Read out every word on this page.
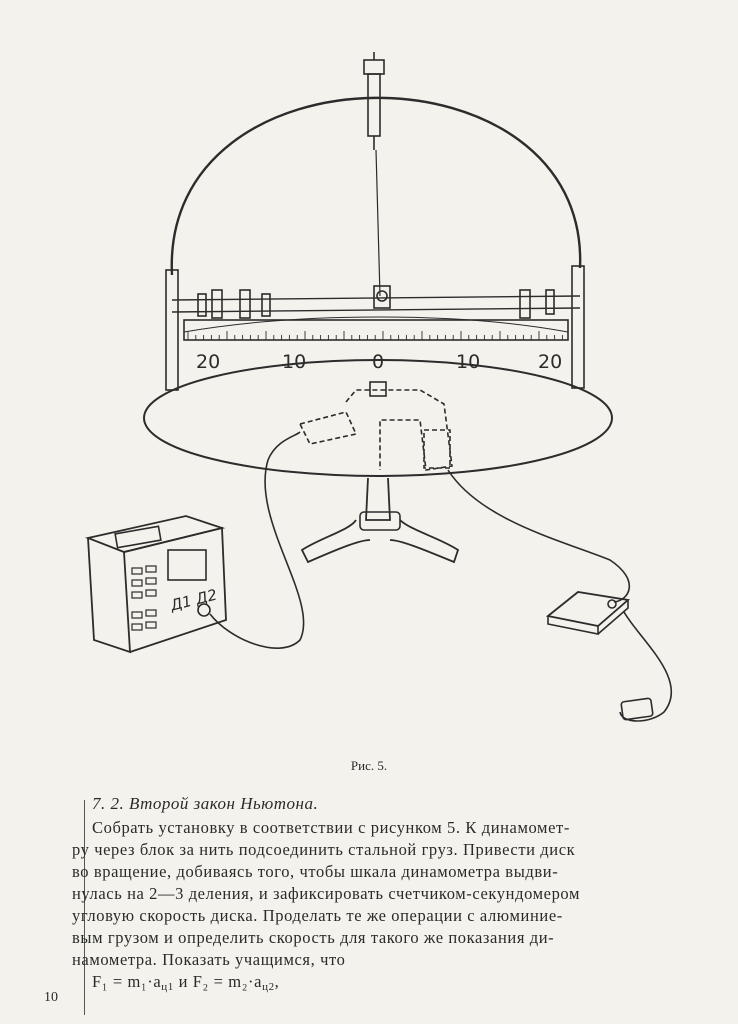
20	10	0	10	20
Д1 Д2
Рис. 5.
7. 2. Второй закон Ньютона.
Собрать установку в соответствии с рисунком 5. К динамомет-
ру через блок за нить подсоединить стальной груз. Привести диск
во вращение, добиваясь того, чтобы шкала динамометра выдви-
нулась на 2—3 деления, и зафиксировать счетчиком-секундомером
угловую скорость диска. Проделать те же операции с алюминие-
вым грузом и определить скорость для такого же показания ди-
намометра. Показать учащимся, что
$F_1 = m_1\cdot a_{ц1}$ и $F_2 = m_2\cdot a_{ц2}$,
10
